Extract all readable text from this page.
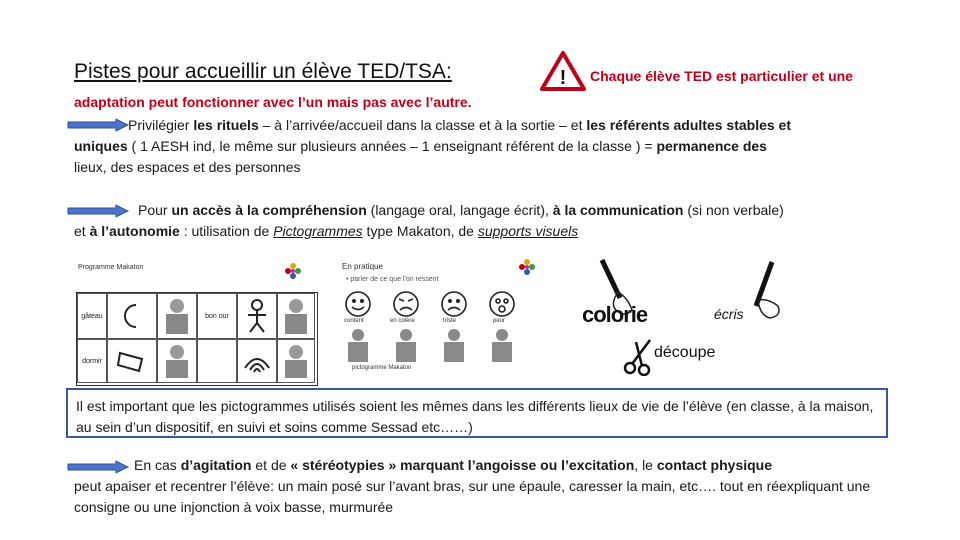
Pistes pour accueillir un élève TED/TSA:	! Chaque élève TED est particulier et une
adaptation peut fonctionner avec l’un mais pas avec l’autre.
Privilégier les rituels – à l’arrivée/accueil dans la classe et à la sortie – et les référents adultes stables et
uniques ( 1 AESH ind, le même sur plusieurs années – 1 enseignant référent de la classe ) = permanence des
lieux, des espaces et des personnes
Pour un accès à la compréhension (langage oral, langage écrit), à la communication (si non verbale)
et à l’autonomie : utilisation de Pictogrammes type Makaton, de supports visuels
Programme Makaton
gâteau	bon our
dormir
En pratique
• parler de ce que l'on ressent
content	en colère	triste	peur
pictogramme Makaton
colorie	écris
découpe
Il est important que les pictogrammes utilisés soient les mêmes dans les différents lieux de vie de l’élève (en classe, à la maison, au sein d’un dispositif, en suivi et soins comme Sessad etc……)
En cas d’agitation et de « stéréotypies » marquant l’angoisse ou l’excitation, le contact physique
peut apaiser et recentrer l’élève: un main posé sur l’avant bras, sur une épaule, caresser la main, etc…. tout en réexpliquant une consigne ou une injonction à voix basse, murmurée
